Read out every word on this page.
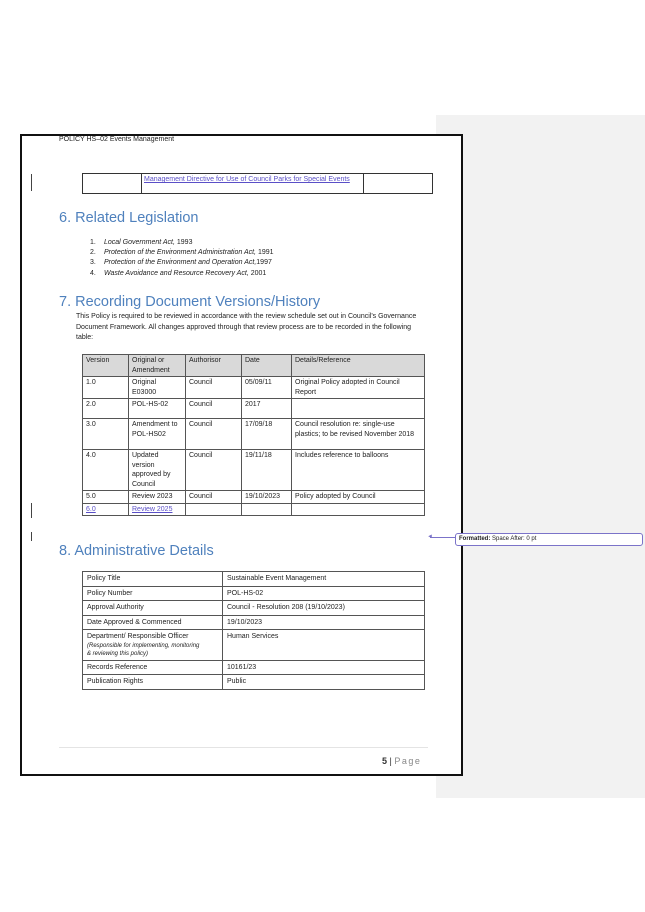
POLICY HS–02 Events Management
Management Directive for Use of Council Parks for Special Events
6. Related Legislation
1. Local Government Act, 1993
2. Protection of the Environment Administration Act, 1991
3. Protection of the Environment and Operation Act,1997
4. Waste Avoidance and Resource Recovery Act, 2001
7. Recording Document Versions/History

This Policy is required to be reviewed in accordance with the review schedule set out in Council's Governance Document Framework. All changes approved through that review process are to be recorded in the following table:

Version	Original or Amendment	Authorisor	Date	Details/Reference
1.0	Original E03000	Council	05/09/11	Original Policy adopted in Council Report
2.0	POL-HS-02	Council	2017	
3.0	Amendment to POL-HS02	Council	17/09/18	Council resolution re: single-use plastics; to be revised November 2018
4.0	Updated version approved by Council	Council	19/11/18	Includes reference to balloons
5.0	Review 2023	Council	19/10/2023	Policy adopted by Council
6.0	Review 2025			
8. Administrative Details
Policy Title	Sustainable Event Management
Policy Number	POL-HS-02
Approval Authority	Council - Resolution 208 (19/10/2023)
Date Approved & Commenced	19/10/2023

Department/ Responsible Officer
(Responsible for implementing, monitoring
& reviewing this policy)	Human Services
Records Reference	10161/23
Publication Rights	Public
5 | Page
◄	Formatted: Space After: 0 pt
